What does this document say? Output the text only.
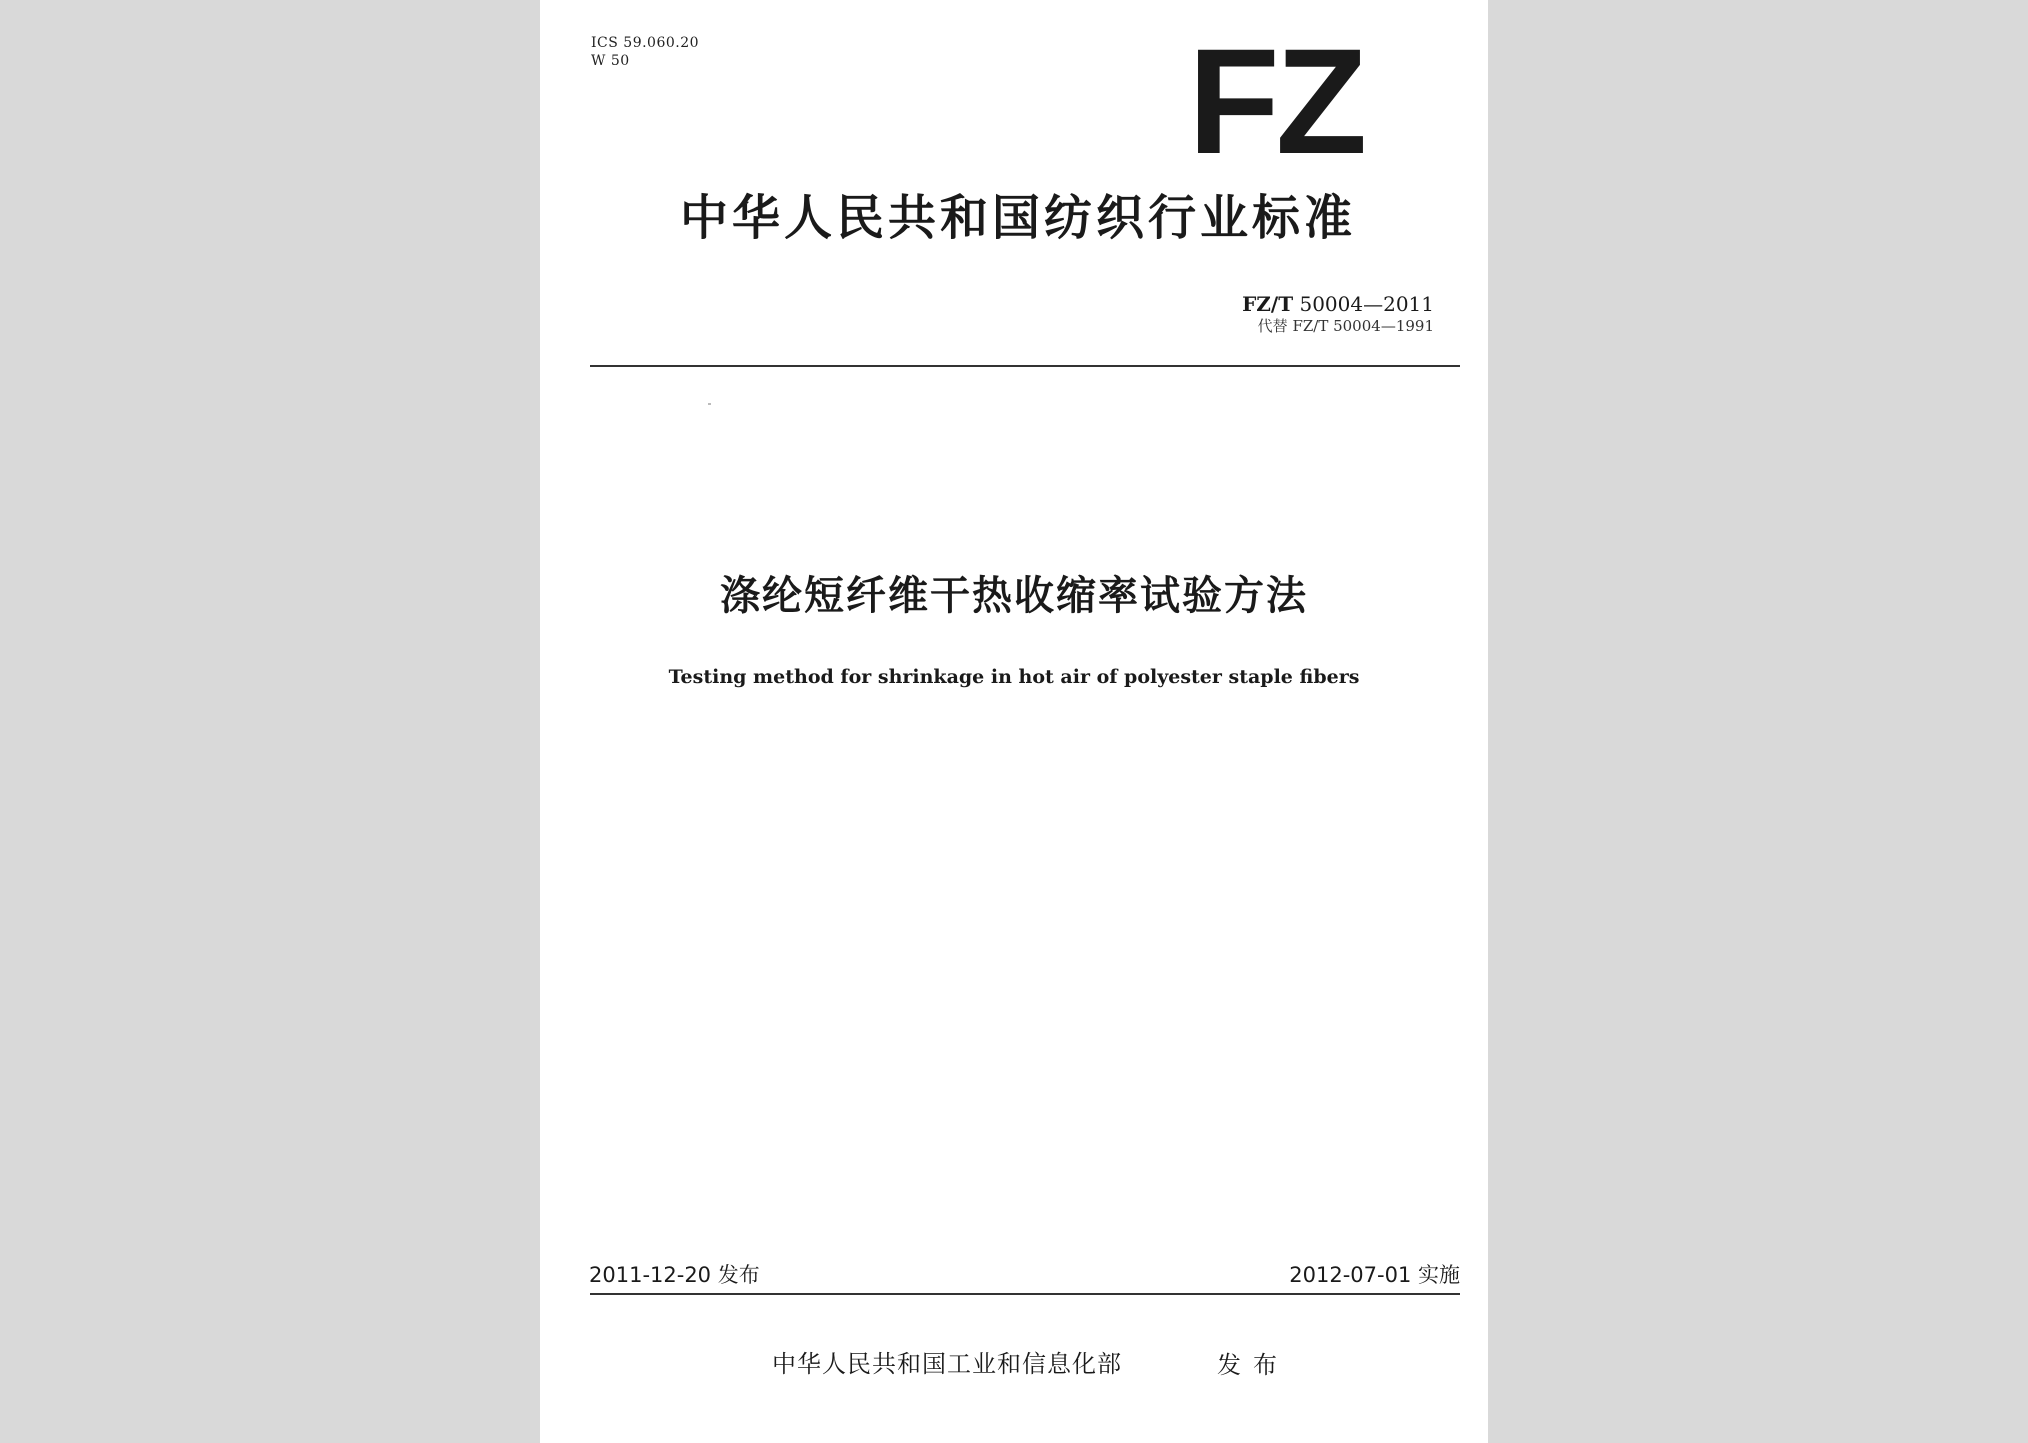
ICS 59.060.20
W 50	FZ
中华人民共和国纺织行业标准
FZ/T 50004—2011
代替 FZ/T 50004—1991
涤纶短纤维干热收缩率试验方法
Testing method for shrinkage in hot air of polyester staple fibers
2011-12-20 发布	2012-07-01 实施
中华人民共和国工业和信息化部	发布
